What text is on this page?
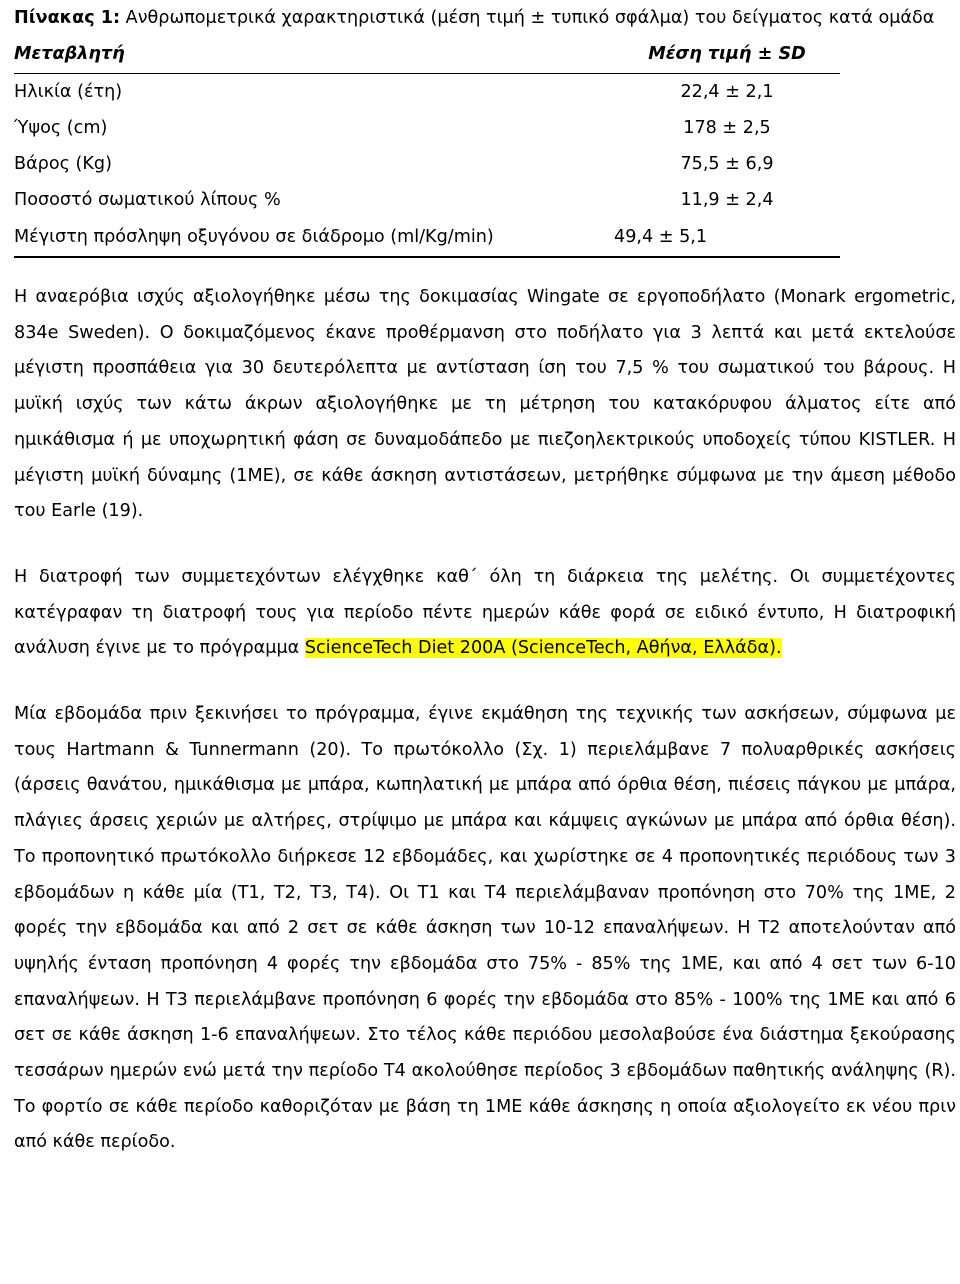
Πίνακας 1: Ανθρωπομετρικά χαρακτηριστικά (μέση τιμή ± τυπικό σφάλμα) του δείγματος κατά ομάδα

Μεταβλητή	Μέση τιμή ± SD
Ηλικία (έτη)	22,4 ± 2,1
Ύψος (cm)	178 ± 2,5
Βάρος (Kg)	75,5 ± 6,9
Ποσοστό σωματικού λίπους %	11,9 ± 2,4
Μέγιστη πρόσληψη οξυγόνου σε διάδρομο (ml/Kg/min)	49,4 ± 5,1

Η αναερόβια ισχύς αξιολογήθηκε μέσω της δοκιμασίας Wingate σε εργοποδήλατο (Monark ergometric, 834e Sweden). Ο δοκιμαζόμενος έκανε προθέρμανση στο ποδήλατο για 3 λεπτά και μετά εκτελούσε μέγιστη προσπάθεια για 30 δευτερόλεπτα με αντίσταση ίση του 7,5 % του σωματικού του βάρους. Η μυϊκή ισχύς των κάτω άκρων αξιολογήθηκε με τη μέτρηση του κατακόρυφου άλματος είτε από ημικάθισμα ή με υποχωρητική φάση σε δυναμοδάπεδο με πιεζοηλεκτρικούς υποδοχείς τύπου KISTLER. Η μέγιστη μυϊκή δύναμης (1ΜΕ), σε κάθε άσκηση αντιστάσεων, μετρήθηκε σύμφωνα με την άμεση μέθοδο του Earle (19).

Η διατροφή των συμμετεχόντων ελέγχθηκε καθ΄ όλη τη διάρκεια της μελέτης. Οι συμμετέχοντες κατέγραφαν τη διατροφή τους για περίοδο πέντε ημερών κάθε φορά σε ειδικό έντυπο, Η διατροφική ανάλυση έγινε με το πρόγραμμα ScienceTech Diet 200A (ScienceTech, Αθήνα, Ελλάδα).

Μία εβδομάδα πριν ξεκινήσει το πρόγραμμα, έγινε εκμάθηση της τεχνικής των ασκήσεων, σύμφωνα με τους Hartmann & Tunnermann (20). Το πρωτόκολλο (Σχ. 1) περιελάμβανε 7 πολυαρθρικές ασκήσεις (άρσεις θανάτου, ημικάθισμα με μπάρα, κωπηλατική με μπάρα από όρθια θέση, πιέσεις πάγκου με μπάρα, πλάγιες άρσεις χεριών με αλτήρες, στρίψιμο με μπάρα και κάμψεις αγκώνων με μπάρα από όρθια θέση). Το προπονητικό πρωτόκολλο διήρκεσε 12 εβδομάδες, και χωρίστηκε σε 4 προπονητικές περιόδους των 3 εβδομάδων η κάθε μία (Τ1, Τ2, Τ3, Τ4). Οι Τ1 και Τ4 περιελάμβαναν προπόνηση στο 70% της 1ΜΕ, 2 φορές την εβδομάδα και από 2 σετ σε κάθε άσκηση των 10-12 επαναλήψεων. Η Τ2 αποτελούνταν από υψηλής ένταση προπόνηση 4 φορές την εβδομάδα στο 75% - 85% της 1ΜΕ, και από 4 σετ των 6-10 επαναλήψεων. Η Τ3 περιελάμβανε προπόνηση 6 φορές την εβδομάδα στο 85% - 100% της 1ΜΕ και από 6 σετ σε κάθε άσκηση 1-6 επαναλήψεων. Στο τέλος κάθε περιόδου μεσολαβούσε ένα διάστημα ξεκούρασης τεσσάρων ημερών ενώ μετά την περίοδο Τ4 ακολούθησε περίοδος 3 εβδομάδων παθητικής ανάληψης (R). Το φορτίο σε κάθε περίοδο καθοριζόταν με βάση τη 1ΜΕ κάθε άσκησης η οποία αξιολογείτο εκ νέου πριν από κάθε περίοδο.
